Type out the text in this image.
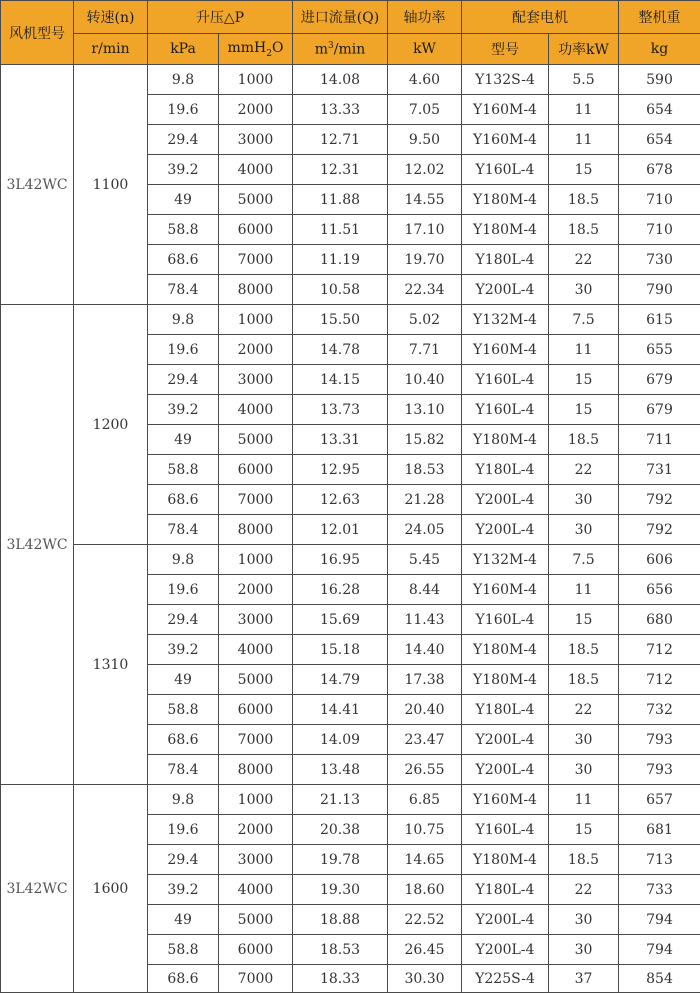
风机型号	转速(n)	升压△P		进口流量(Q)	轴功率	配套电机		整机重
	r/min	kPa	mmH$_2$O	$m^3/\min$	kW	型号	功率kW	kg
3L42WC	1100	9.8	1000	14.08	4.60	Y132S-4	5.5	590
		19.6	2000	13.33	7.05	Y160M-4	11	654
		29.4	3000	12.71	9.50	Y160M-4	11	654
		39.2	4000	12.31	12.02	Y160L-4	15	678
		49	5000	11.88	14.55	Y180M-4	18.5	710
		58.8	6000	11.51	17.10	Y180M-4	18.5	710
		68.6	7000	11.19	19.70	Y180L-4	22	730
		78.4	8000	10.58	22.34	Y200L-4	30	790
3L42WC	1200	9.8	1000	15.50	5.02	Y132M-4	7.5	615
		19.6	2000	14.78	7.71	Y160M-4	11	655
		29.4	3000	14.15	10.40	Y160L-4	15	679
		39.2	4000	13.73	13.10	Y160L-4	15	679
		49	5000	13.31	15.82	Y180M-4	18.5	711
		58.8	6000	12.95	18.53	Y180L-4	22	731
		68.6	7000	12.63	21.28	Y200L-4	30	792
		78.4	8000	12.01	24.05	Y200L-4	30	792
	1310	9.8	1000	16.95	5.45	Y132M-4	7.5	606
		19.6	2000	16.28	8.44	Y160M-4	11	656
		29.4	3000	15.69	11.43	Y160L-4	15	680
		39.2	4000	15.18	14.40	Y180M-4	18.5	712
		49	5000	14.79	17.38	Y180M-4	18.5	712
		58.8	6000	14.41	20.40	Y180L-4	22	732
		68.6	7000	14.09	23.47	Y200L-4	30	793
		78.4	8000	13.48	26.55	Y200L-4	30	793
3L42WC	1600	9.8	1000	21.13	6.85	Y160M-4	11	657
		19.6	2000	20.38	10.75	Y160L-4	15	681
		29.4	3000	19.78	14.65	Y180M-4	18.5	713
		39.2	4000	19.30	18.60	Y180L-4	22	733
		49	5000	18.88	22.52	Y200L-4	30	794
		58.8	6000	18.53	26.45	Y200L-4	30	794
		68.6	7000	18.33	30.30	Y225S-4	37	854
